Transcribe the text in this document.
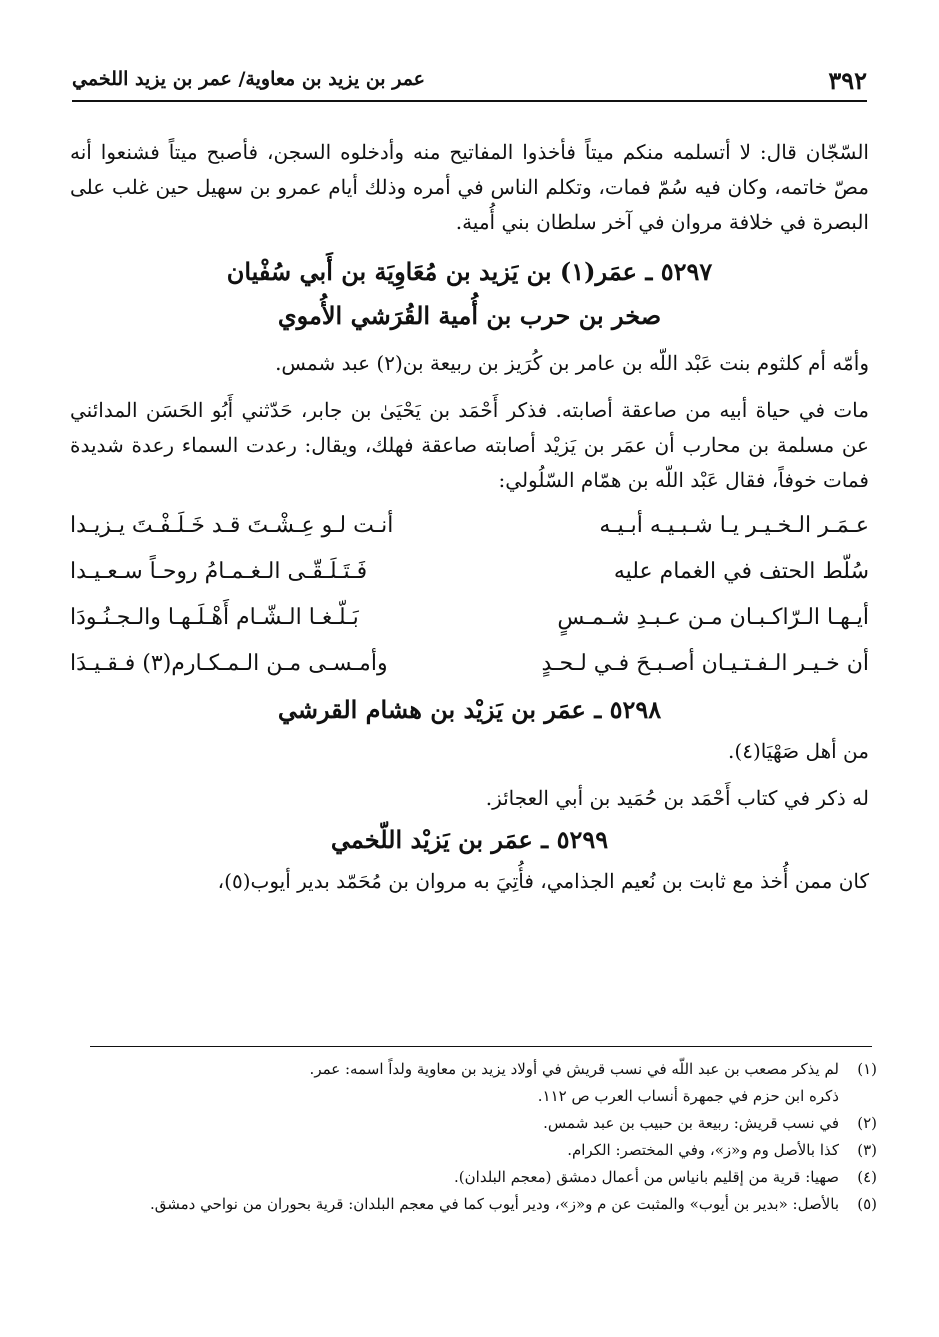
٣٩٢
عمر بن يزيد بن معاوية/ عمر بن يزيد اللخمي

السّجّان قال: لا أتسلمه منكم ميتاً فأخذوا المفاتيح منه وأدخلوه السجن، فأصبح ميتاً فشنعوا أنه مصّ خاتمه، وكان فيه سُمّ فمات، وتكلم الناس في أمره وذلك أيام عمرو بن سهيل حين غلب على البصرة في خلافة مروان في آخر سلطان بني أُمية.

٥٢٩٧ ـ عمَر(١) بن يَزيد بن مُعَاوِيَة بن أَبي سُفْيان
صخر بن حرب بن أُمية القُرَشي الأُموي

وأمّه أم كلثوم بنت عَبْد اللّه بن عامر بن كُرَيز بن ربيعة بن(٢) عبد شمس.

مات في حياة أبيه من صاعقة أصابته. فذكر أَحْمَد بن يَحْيَىٰ بن جابر، حَدّثني أَبُو الحَسَن المدائني عن مسلمة بن محارب أن عمَر بن يَزيْد أصابته صاعقة فهلك، ويقال: رعدت السماء رعدة شديدة فمات خوفاً، فقال عَبْد اللّه بن همّام السّلُولي:

عـمَـر الـخـيـر يـا شـبـيـه أبـيـه
أنـت لـو عِـشْـتَ قـد خَـلَـفْـتَ يـزيـدا
سُلّط الحتف في الغمام عليه
فَـتَـلَـقّـى الـغـمـامُ روحـاً سـعـيـدا
أيـهـا الـرّاكـبـان مـن عـبـدِ شـمـسٍ
بَـلّـغـا الـشّـام أَهْـلَـهـا والـجـنُـودَا
أن خـيـر الـفـتـيـان أصـبـحَ فـي لـحـدٍ
وأمـسـى مـن الـمـكـارم(٣) فـقـيـدَا
٥٢٩٨ ـ عمَر بن يَزيْد بن هشام القرشي

من أهل صَهْيَا(٤).

له ذكر في كتاب أَحْمَد بن حُمَيد بن أبي العجائز.

٥٢٩٩ ـ عمَر بن يَزيْد اللّخمي

كان ممن أُخذ مع ثابت بن نُعيم الجذامي، فأُتِيَ به مروان بن مُحَمّد بدير أيوب(٥)،

(١)
لم يذكر مصعب بن عبد اللّه في نسب قريش في أولاد يزيد بن معاوية ولداً اسمه: عمر.
ذكره ابن حزم في جمهرة أنساب العرب ص ١١٢.
(٢)
في نسب قريش: ربيعة بن حبيب بن عبد شمس.
(٣)
كذا بالأصل وم و«ز»، وفي المختصر: الكرام.
(٤)
صهيا: قرية من إقليم بانياس من أعمال دمشق (معجم البلدان).
(٥)
بالأصل: «بدير بن أيوب» والمثبت عن م و«ز»، ودير أيوب كما في معجم البلدان: قرية بحوران من نواحي دمشق.
